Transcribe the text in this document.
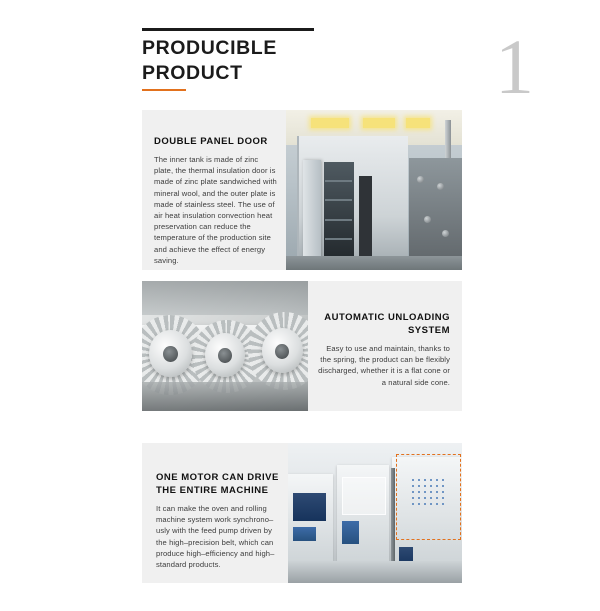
PRODUCIBLE
PRODUCT	1
DOUBLE PANEL DOOR
The inner tank is made of zinc plate, the thermal insulation door is made of zinc plate sandwiched with mineral wool, and the outer plate is made of stainless steel. The use of air heat insulation convection heat preservation can reduce the temperature of the production site and achieve the effect of energy saving.
AUTOMATIC UNLOADING SYSTEM
Easy to use and maintain, thanks to the spring, the product can be flexibly discharged, whether it is a flat cone or a natural side cone.
ONE MOTOR CAN DRIVE THE ENTIRE MACHINE
It can make the oven and rolling machine system work synchrono–usly with the feed pump driven by the high–precision belt, which can produce high–efficiency and high–standard products.
